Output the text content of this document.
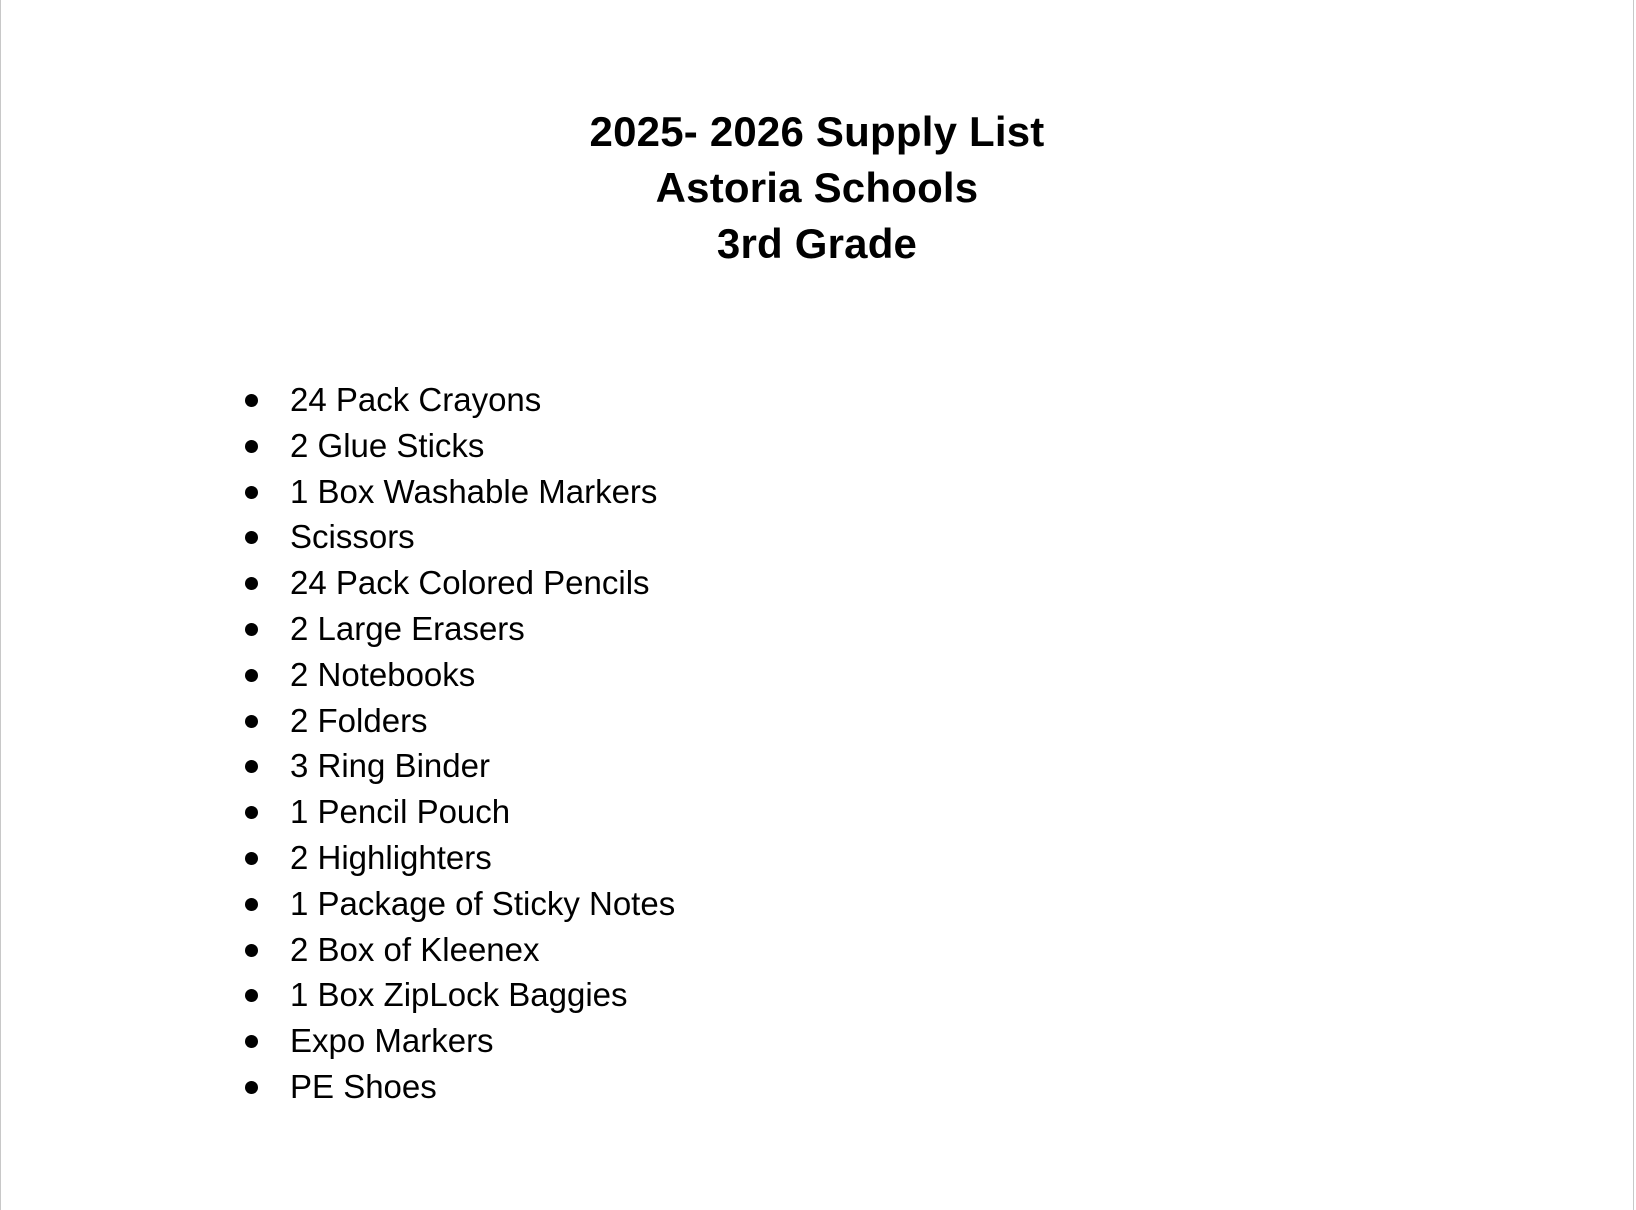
2025- 2026 Supply List
Astoria Schools
3rd Grade
24 Pack Crayons
2 Glue Sticks
1 Box Washable Markers
Scissors
24 Pack Colored Pencils
2 Large Erasers
2 Notebooks
2 Folders
3 Ring Binder
1 Pencil Pouch
2 Highlighters
1 Package of Sticky Notes
2 Box of Kleenex
1 Box ZipLock Baggies
Expo Markers
PE Shoes
